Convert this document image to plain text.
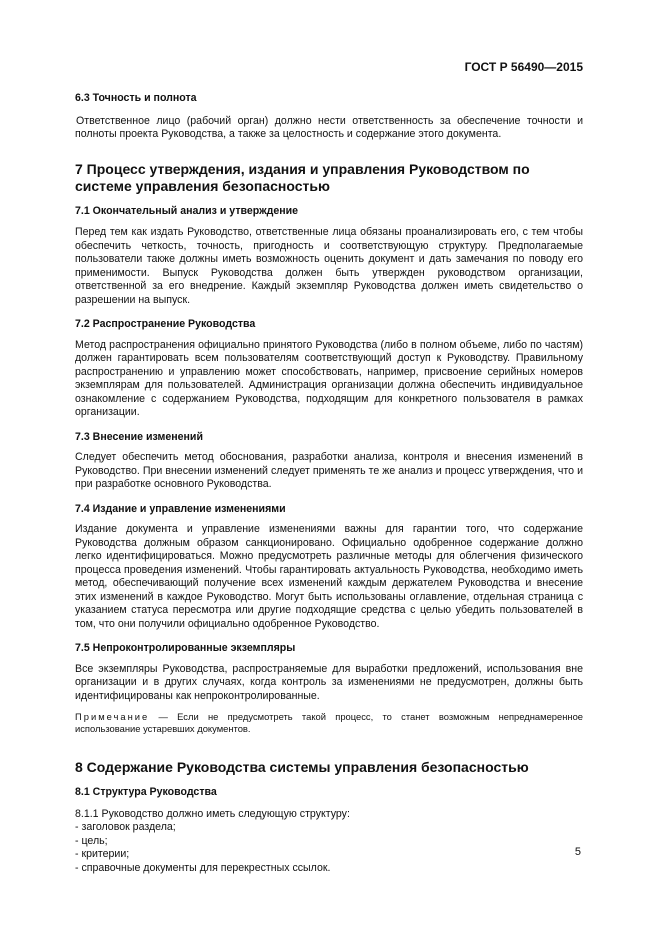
ГОСТ Р 56490—2015
6.3 Точность и полнота
Ответственное лицо (рабочий орган) должно нести ответственность за обеспечение точности и полноты проекта Руководства, а также за целостность и содержание этого документа.
7 Процесс утверждения, издания и управления Руководством по системе управления безопасностью
7.1 Окончательный анализ и утверждение
Перед тем как издать Руководство, ответственные лица обязаны проанализировать его, с тем чтобы обеспечить четкость, точность, пригодность и соответствующую структуру. Предполагаемые пользователи также должны иметь возможность оценить документ и дать замечания по поводу его применимости. Выпуск Руководства должен быть утвержден руководством организации, ответственной за его внедрение. Каждый экземпляр Руководства должен иметь свидетельство о разрешении на выпуск.
7.2 Распространение Руководства
Метод распространения официально принятого Руководства (либо в полном объеме, либо по частям) должен гарантировать всем пользователям соответствующий доступ к Руководству. Правильному распространению и управлению может способствовать, например, присвоение серийных номеров экземплярам для пользователей. Администрация организации должна обеспечить индивидуальное ознакомление с содержанием Руководства, подходящим для конкретного пользователя в рамках организации.
7.3 Внесение изменений
Следует обеспечить метод обоснования, разработки анализа, контроля и внесения изменений в Руководство. При внесении изменений следует применять те же анализ и процесс утверждения, что и при разработке основного Руководства.
7.4 Издание и управление изменениями
Издание документа и управление изменениями важны для гарантии того, что содержание Руководства должным образом санкционировано. Официально одобренное содержание должно легко идентифицироваться. Можно предусмотреть различные методы для облегчения физического процесса проведения изменений. Чтобы гарантировать актуальность Руководства, необходимо иметь метод, обеспечивающий получение всех изменений каждым держателем Руководства и внесение этих изменений в каждое Руководство. Могут быть использованы оглавление, отдельная страница с указанием статуса пересмотра или другие подходящие средства с целью убедить пользователей в том, что они получили официально одобренное Руководство.
7.5 Непроконтролированные экземпляры
Все экземпляры Руководства, распространяемые для выработки предложений, использования вне организации и в других случаях, когда контроль за изменениями не предусмотрен, должны быть идентифицированы как непроконтролированные.
Примечание — Если не предусмотреть такой процесс, то станет возможным непреднамеренное использование устаревших документов.
8 Содержание Руководства системы управления безопасностью
8.1 Структура Руководства
8.1.1 Руководство должно иметь следующую структуру:
- заголовок раздела;
- цель;
- критерии;
- справочные документы для перекрестных ссылок.
5
